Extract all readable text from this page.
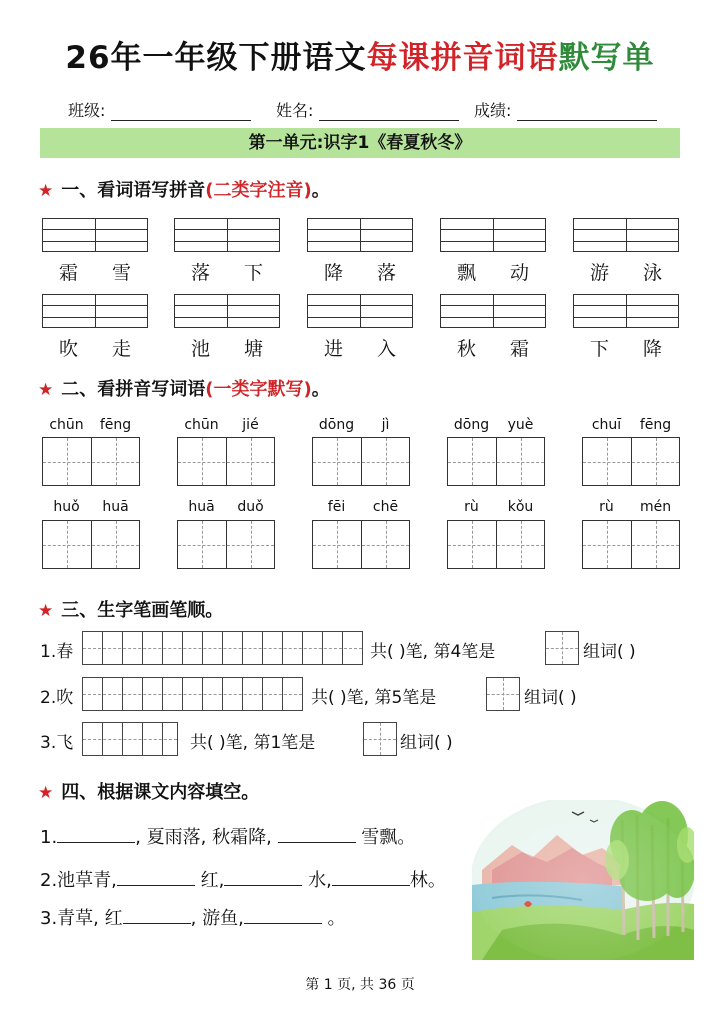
26年一年级下册语文每课拼音词语默写单
班级:	姓名:	成绩:
第一单元:识字1《春夏秋冬》
★ 一、看词语写拼音(二类字注音)。
霜	雪	落	下	降	落	飘	动	游	泳
吹	走	池	塘	进	入	秋	霜	下	降
★ 二、看拼音写词语(一类字默写)。
chūn	fēng	chūn	jié	dōng	jì	dōng	yuè	chuī	fēng
huǒ	huā	huā	duǒ	fēi	chē	rù	kǒu	rù	mén
★ 三、生字笔画笔顺。
1.春	共( )笔, 第4笔是	组词( )
2.吹	共( )笔, 第5笔是	组词( )
3.飞	共( )笔, 第1笔是	组词( )
★ 四、根据课文内容填空。
1.	, 夏雨落, 秋霜降,	雪飘。
2.池草青,	红,	水,	林。
3.青草, 红	, 游鱼,	。
第 1 页, 共 36 页
